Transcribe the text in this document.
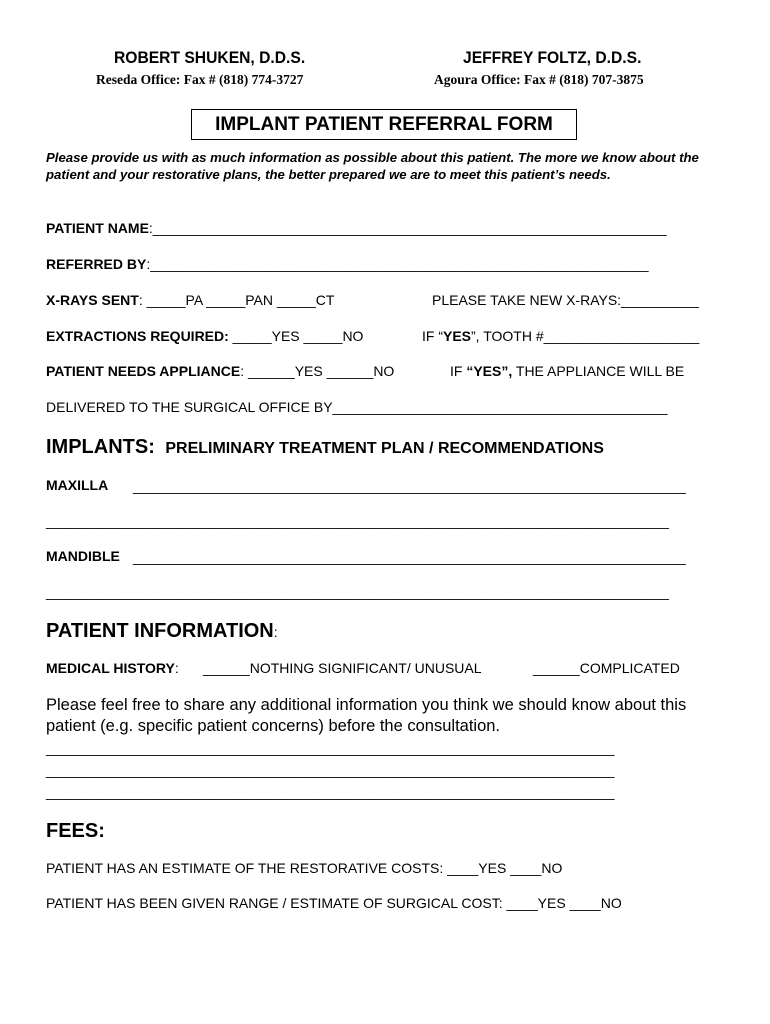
ROBERT SHUKEN, D.D.S.
Reseda Office: Fax # (818) 774-3727
JEFFREY FOLTZ, D.D.S.
Agoura Office: Fax # (818) 707-3875
IMPLANT PATIENT REFERRAL FORM
Please provide us with as much information as possible about this patient. The more we know about the patient and your restorative plans, the better prepared we are to meet this patient’s needs.
PATIENT NAME:__________________________________________________________________
REFERRED BY:________________________________________________________________
X-RAYS SENT: _____PA _____PAN _____CT	PLEASE TAKE NEW X-RAYS:__________
EXTRACTIONS REQUIRED: _____YES _____NO	IF “YES”, TOOTH #____________________
PATIENT NEEDS APPLIANCE: ______YES ______NO	IF “YES”, THE APPLIANCE WILL BE
DELIVERED TO THE SURGICAL OFFICE BY___________________________________________
IMPLANTS: PRELIMINARY TREATMENT PLAN / RECOMMENDATIONS
MAXILLA _______________________________________________________________________
________________________________________________________________________________
MANDIBLE _______________________________________________________________________
________________________________________________________________________________
PATIENT INFORMATION:
MEDICAL HISTORY: ______NOTHING SIGNIFICANT/ UNUSUAL	______COMPLICATED
Please feel free to share any additional information you think we should know about this patient (e.g. specific patient concerns) before the consultation.
_________________________________________________________________________
_________________________________________________________________________
_________________________________________________________________________
FEES:
PATIENT HAS AN ESTIMATE OF THE RESTORATIVE COSTS: ____YES ____NO
PATIENT HAS BEEN GIVEN RANGE / ESTIMATE OF SURGICAL COST: ____YES ____NO
